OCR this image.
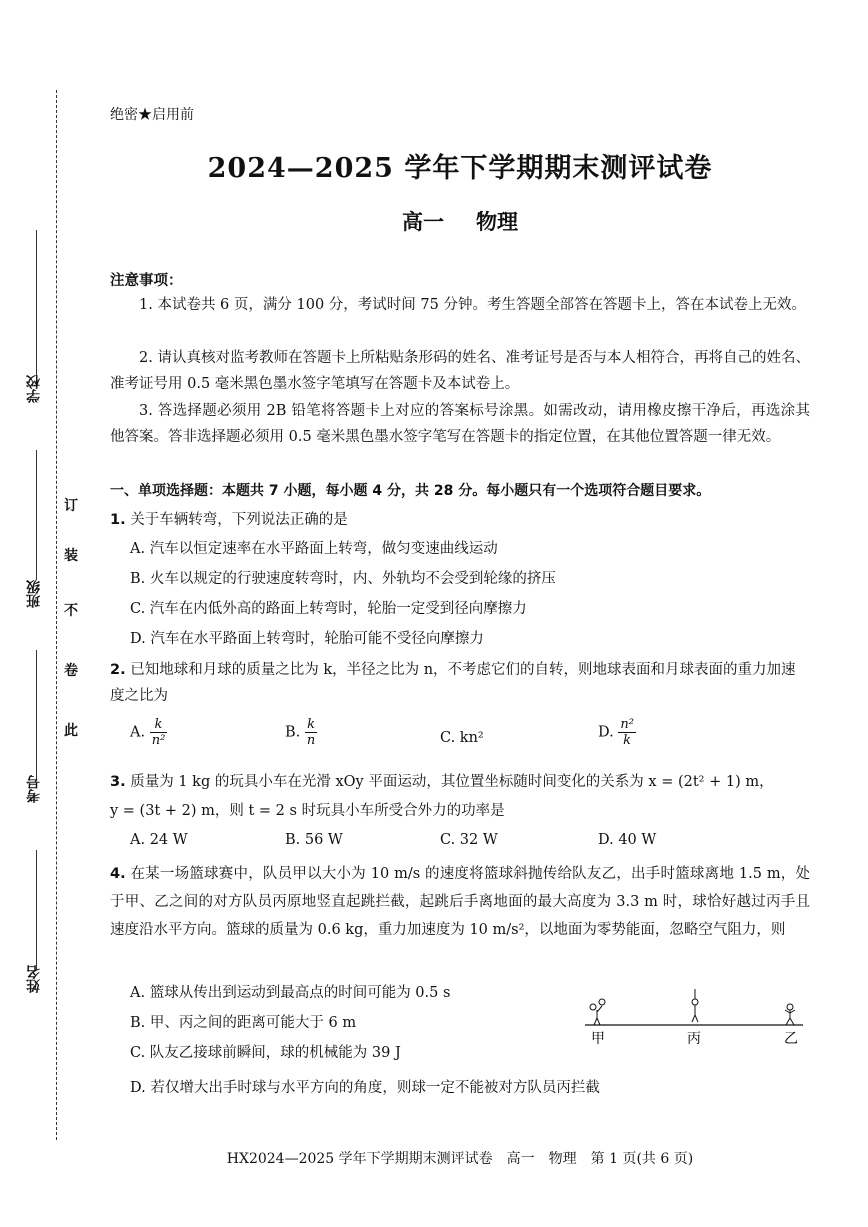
学校
班级
考号
姓名
订
装
不
卷
此
绝密★启用前
2024—2025 学年下学期期末测评试卷
高一 物理
注意事项：
1. 本试卷共 6 页，满分 100 分，考试时间 75 分钟。考生答题全部答在答题卡上，答在本试卷上无效。
2. 请认真核对监考教师在答题卡上所粘贴条形码的姓名、准考证号是否与本人相符合，再将自己的姓名、准考证号用 0.5 毫米黑色墨水签字笔填写在答题卡及本试卷上。
3. 答选择题必须用 2B 铅笔将答题卡上对应的答案标号涂黑。如需改动，请用橡皮擦干净后，再选涂其他答案。答非选择题必须用 0.5 毫米黑色墨水签字笔写在答题卡的指定位置，在其他位置答题一律无效。
一、单项选择题：本题共 7 小题，每小题 4 分，共 28 分。每小题只有一个选项符合题目要求。
1. 关于车辆转弯，下列说法正确的是
A. 汽车以恒定速率在水平路面上转弯，做匀变速曲线运动
B. 火车以规定的行驶速度转弯时，内、外轨均不会受到轮缘的挤压
C. 汽车在内低外高的路面上转弯时，轮胎一定受到径向摩擦力
D. 汽车在水平路面上转弯时，轮胎可能不受径向摩擦力
2. 已知地球和月球的质量之比为 k，半径之比为 n，不考虑它们的自转，则地球表面和月球表面的重力加速度之比为
A. $\frac{k}{\text{n²}}$	B. $\frac{k}{n}$	C. kn²	D. $\frac{\text{n²}}{k}$
3. 质量为 1 kg 的玩具小车在光滑 xOy 平面运动，其位置坐标随时间变化的关系为 x = (2t² + 1) m，
y = (3t + 2) m，则 t = 2 s 时玩具小车所受合外力的功率是
A. 24 W	B. 56 W	C. 32 W	D. 40 W
4. 在某一场篮球赛中，队员甲以大小为 10 m/s 的速度将篮球斜抛传给队友乙，出手时篮球离地 1.5 m，处于甲、乙之间的对方队员丙原地竖直起跳拦截，起跳后手离地面的最大高度为 3.3 m 时，球恰好越过丙手且速度沿水平方向。篮球的质量为 0.6 kg，重力加速度为 10 m/s²，以地面为零势能面，忽略空气阻力，则
A. 篮球从传出到运动到最高点的时间可能为 0.5 s
B. 甲、丙之间的距离可能大于 6 m
C. 队友乙接球前瞬间，球的机械能为 39 J
D. 若仅增大出手时球与水平方向的角度，则球一定不能被对方队员丙拦截
HX2024—2025 学年下学期期末测评试卷　高一　物理　第 1 页(共 6 页)
甲	丙	乙
